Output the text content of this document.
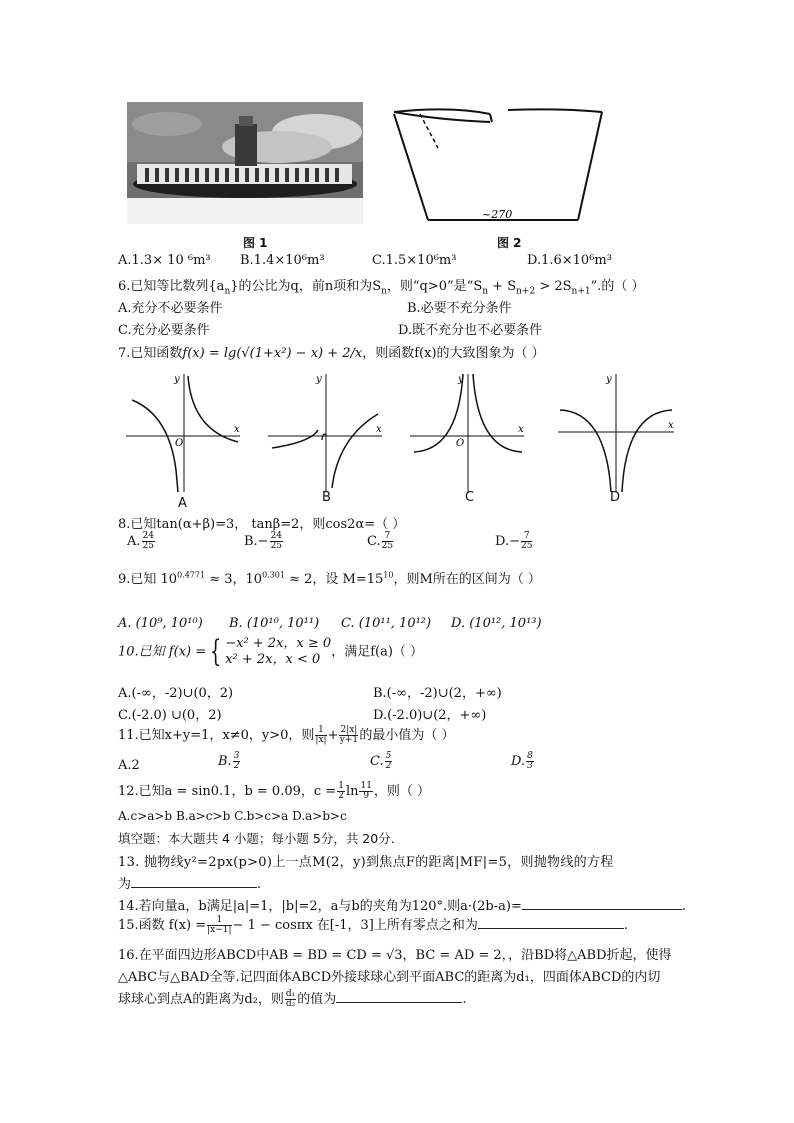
图 1
~270
图 2
A.1.3× 10 ⁶m³ B.1.4×10⁶m³	C.1.5×10⁶m³	D.1.6×10⁶m³
6.已知等比数列$\{a_n\}$的公比为q，前n项和为$S_n$，则“q>0”是“$S_n + S_{n+2} > 2S_{n+1}$”.的（ ）
A.充分不必要条件	B.必要不充分条件
C.充分必要条件	D.既不充分也不必要条件
7.已知函数f(x) = lg(√(1+x²) − x) + 2/x，则函数f(x)的大致图象为（ ）
x
y
O
A
x
y
B
x
y
O
C
x
y
D
8.已知tan(α+β)=3， tanβ=2，则cos2α=（ ）
A. $\frac{24}{25}$	$B.- \frac{24}{25}$	C. $\frac{7}{25}$	$D.- \frac{7}{25}$
9.已知 $10^{0.4771} \approx 3$，$10^{0.301} \approx 2$，设 $M=15^{10}$，则M所在的区间为（ ）
A. (10⁹, 10¹⁰) B. (10¹⁰, 10¹¹) C. (10¹¹, 10¹²) D. (10¹², 10¹³)
10.已知 f(x) = { −x² + 2x，x ≥ 0
x² + 2x，x < 0 ，满足f(a)（ ）
A.(-∞，-2)∪(0，2)	B.(-∞，-2)∪(2，+∞)
C.(-2.0) ∪(0，2)	D.(-2.0)∪(2，+∞)
11.已知x+y=1，x≠0，y>0，则 $\frac{1}{|x|} + \frac{2|x|}{y+1}$ 的最小值为（ ）
A.2	B. $\frac{3}{2}$	C. $\frac{5}{2}$	D. $\frac{8}{3}$
12.已知a = sin0.1，b = 0.09，$c = \frac{1}{2}$ $\ln \frac{11}{9}$ ，则（ ）
A.c>a>b B.a>c>b C.b>c>a D.a>b>c
填空题：本大题共 4 小题；每小题 5分，共 20分.
13. 抛物线y²=2px(p>0)上一点M(2，y)到焦点F的距离|MF|=5，则抛物线的方程
为	.
14.若向量a，b满足|a|=1，|b|=2，a与b的夹角为120°.则a·(2b-a)=	.
15.函数 $f(x) = \frac{1}{|x-1|} - 1 - \cos\pi x$ 在[-1，3]上所有零点之和为	.
16.在平面四边形ABCD中AB = BD = CD = √3，BC = AD = 2，，沿BD将△ABD折起，使得
△ABC与△BAD全等.记四面体ABCD外接球球心到平面ABC的距离为d₁，四面体ABCD的内切
球球心到点A的距离为d₂，则 $\frac{\text{d₁}}{\text{d₂}}$ 的值为	.
